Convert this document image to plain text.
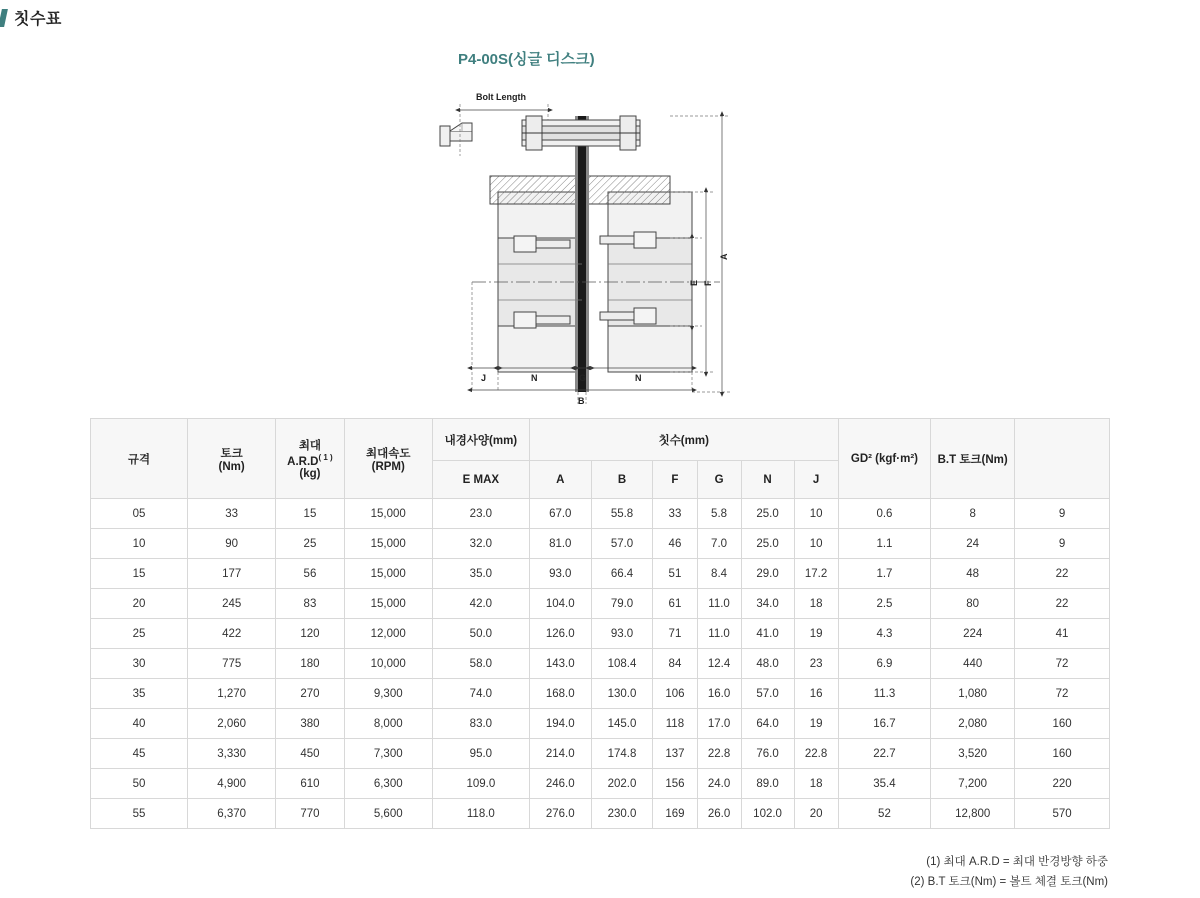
칫수표
P4-00S(싱글 디스크)
Bolt Length
A
F
E
J	N	G	N
B
규격	토크
(Nm)

최대
$A.R.D^{( 1 )}$
(kg)

최대속도
(RPM)
	내경사양(mm)	칫수(mm)	GD² (kgf·m²)	B.T 토크(Nm)

				E MAX	A	B	F	G	N	J			
05	33	15	15,000	23.0	67.0	55.8	33	5.8	25.0	10	0.6	8	9
10	90	25	15,000	32.0	81.0	57.0	46	7.0	25.0	10	1.1	24	9
15	177	56	15,000	35.0	93.0	66.4	51	8.4	29.0	17.2	1.7	48	22
20	245	83	15,000	42.0	104.0	79.0	61	11.0	34.0	18	2.5	80	22
25	422	120	12,000	50.0	126.0	93.0	71	11.0	41.0	19	4.3	224	41
30	775	180	10,000	58.0	143.0	108.4	84	12.4	48.0	23	6.9	440	72
35	1,270	270	9,300	74.0	168.0	130.0	106	16.0	57.0	16	11.3	1,080	72
40	2,060	380	8,000	83.0	194.0	145.0	118	17.0	64.0	19	16.7	2,080	160
45	3,330	450	7,300	95.0	214.0	174.8	137	22.8	76.0	22.8	22.7	3,520	160
50	4,900	610	6,300	109.0	246.0	202.0	156	24.0	89.0	18	35.4	7,200	220
55	6,370	770	5,600	118.0	276.0	230.0	169	26.0	102.0	20	52	12,800	570
(1) 최대 A.R.D = 최대 반경방향 하중
(2) B.T 토크(Nm) = 볼트 체결 토크(Nm)
